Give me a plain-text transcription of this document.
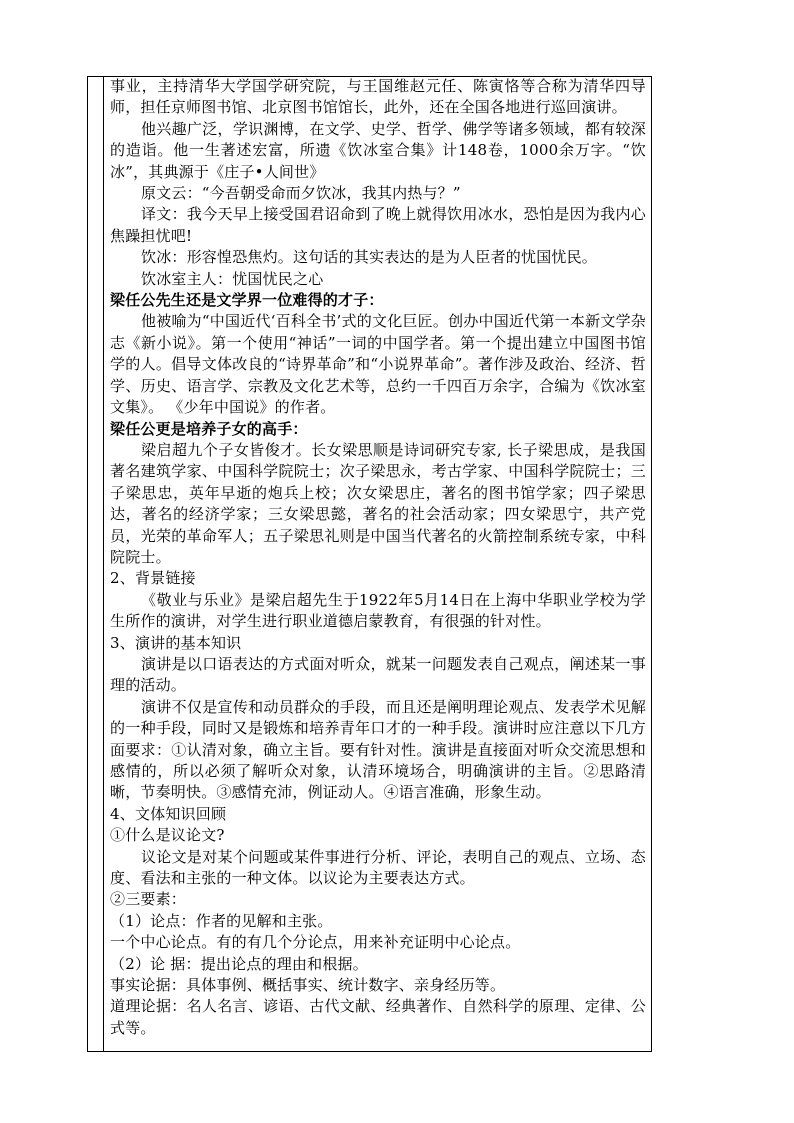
事业，主持清华大学国学研究院，与王国维赵元任、陈寅恪等合称为清华四导师，担任京师图书馆、北京图书馆馆长，此外，还在全国各地进行巡回演讲。

他兴趣广泛，学识渊博，在文学、史学、哲学、佛学等诸多领域，都有较深的造诣。他一生著述宏富，所遗《饮冰室合集》计148卷，1000余万字。“饮冰”，其典源于《庄子•人间世》

原文云：“今吾朝受命而夕饮冰，我其内热与？”

译文：我今天早上接受国君诏命到了晚上就得饮用冰水，恐怕是因为我内心焦躁担忧吧!

饮冰：形容惶恐焦灼。这句话的其实表达的是为人臣者的忧国忧民。

饮冰室主人：忧国忧民之心

梁任公先生还是文学界一位难得的才子：

他被喻为“中国近代‘百科全书’式的文化巨匠。创办中国近代第一本新文学杂志《新小说》。第一个使用“神话”一词的中国学者。第一个提出建立中国图书馆学的人。倡导文体改良的“诗界革命”和“小说界革命”。著作涉及政治、经济、哲学、历史、语言学、宗教及文化艺术等，总约一千四百万余字，合编为《饮冰室文集》。 《少年中国说》的作者。

梁任公更是培养子女的高手：

梁启超九个子女皆俊才。长女梁思顺是诗词研究专家, 长子梁思成，是我国著名建筑学家、中国科学院院士；次子梁思永，考古学家、中国科学院院士；三子梁思忠，英年早逝的炮兵上校；次女梁思庄，著名的图书馆学家；四子梁思达，著名的经济学家；三女梁思懿，著名的社会活动家；四女梁思宁，共产党员，光荣的革命军人；五子梁思礼则是中国当代著名的火箭控制系统专家，中科院院士。

2、背景链接

《敬业与乐业》是梁启超先生于1922年5月14日在上海中华职业学校为学生所作的演讲，对学生进行职业道德启蒙教育，有很强的针对性。

3、演讲的基本知识

演讲是以口语表达的方式面对听众，就某一问题发表自己观点，阐述某一事理的活动。

演讲不仅是宣传和动员群众的手段，而且还是阐明理论观点、发表学术见解的一种手段，同时又是锻炼和培养青年口才的一种手段。演讲时应注意以下几方面要求：①认清对象，确立主旨。要有针对性。演讲是直接面对听众交流思想和感情的，所以必须了解听众对象，认清环境场合，明确演讲的主旨。②思路清晰，节奏明快。③感情充沛，例证动人。④语言准确，形象生动。

4、文体知识回顾

①什么是议论文?

议论文是对某个问题或某件事进行分析、评论，表明自己的观点、立场、态度、看法和主张的一种文体。以议论为主要表达方式。

②三要素：

（1）论点：作者的见解和主张。

一个中心论点。有的有几个分论点，用来补充证明中心论点。

（2）论 据：提出论点的理由和根据。

事实论据：具体事例、概括事实、统计数字、亲身经历等。

道理论据：名人名言、谚语、古代文献、经典著作、自然科学的原理、定律、公式等。
